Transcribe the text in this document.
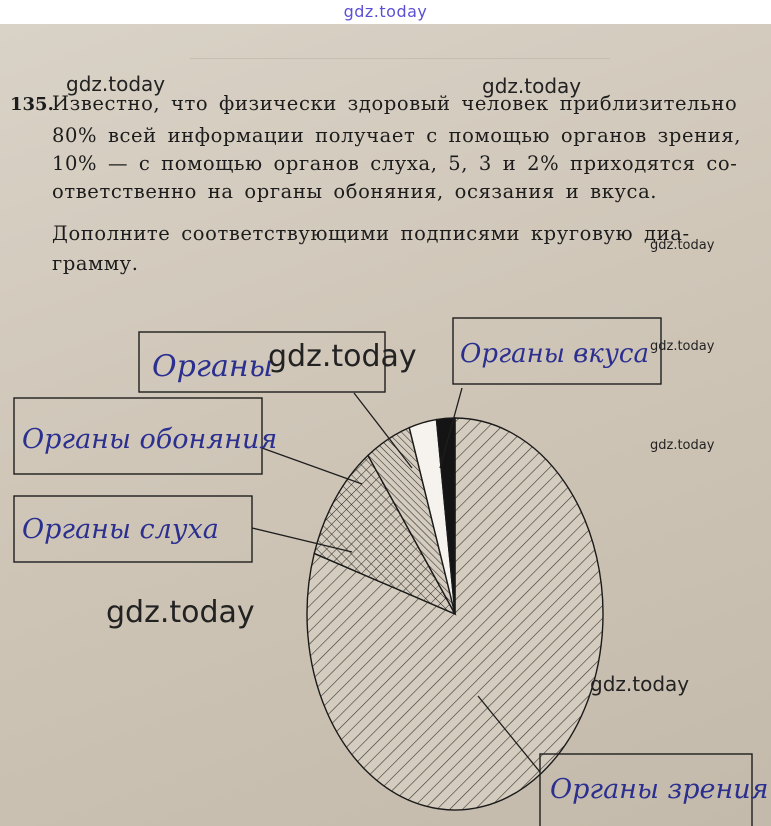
gdz.today
135.
Известно, что физически здоровый человек приблизительно
80% всей информации получает с помощью органов зрения,
10% — с помощью органов слуха, 5, 3 и 2% приходятся со-
ответственно на органы обоняния, осязания и вкуса.
Дополните соответствующими подписями круговую диа-
грамму.
Органы	Органы вкуса
Органы обоняния
Органы слуха
Органы зрения
gdz.today	gdz.today
gdz.today
gdz.today	gdz.today
gdz.today
gdz.today
gdz.today
